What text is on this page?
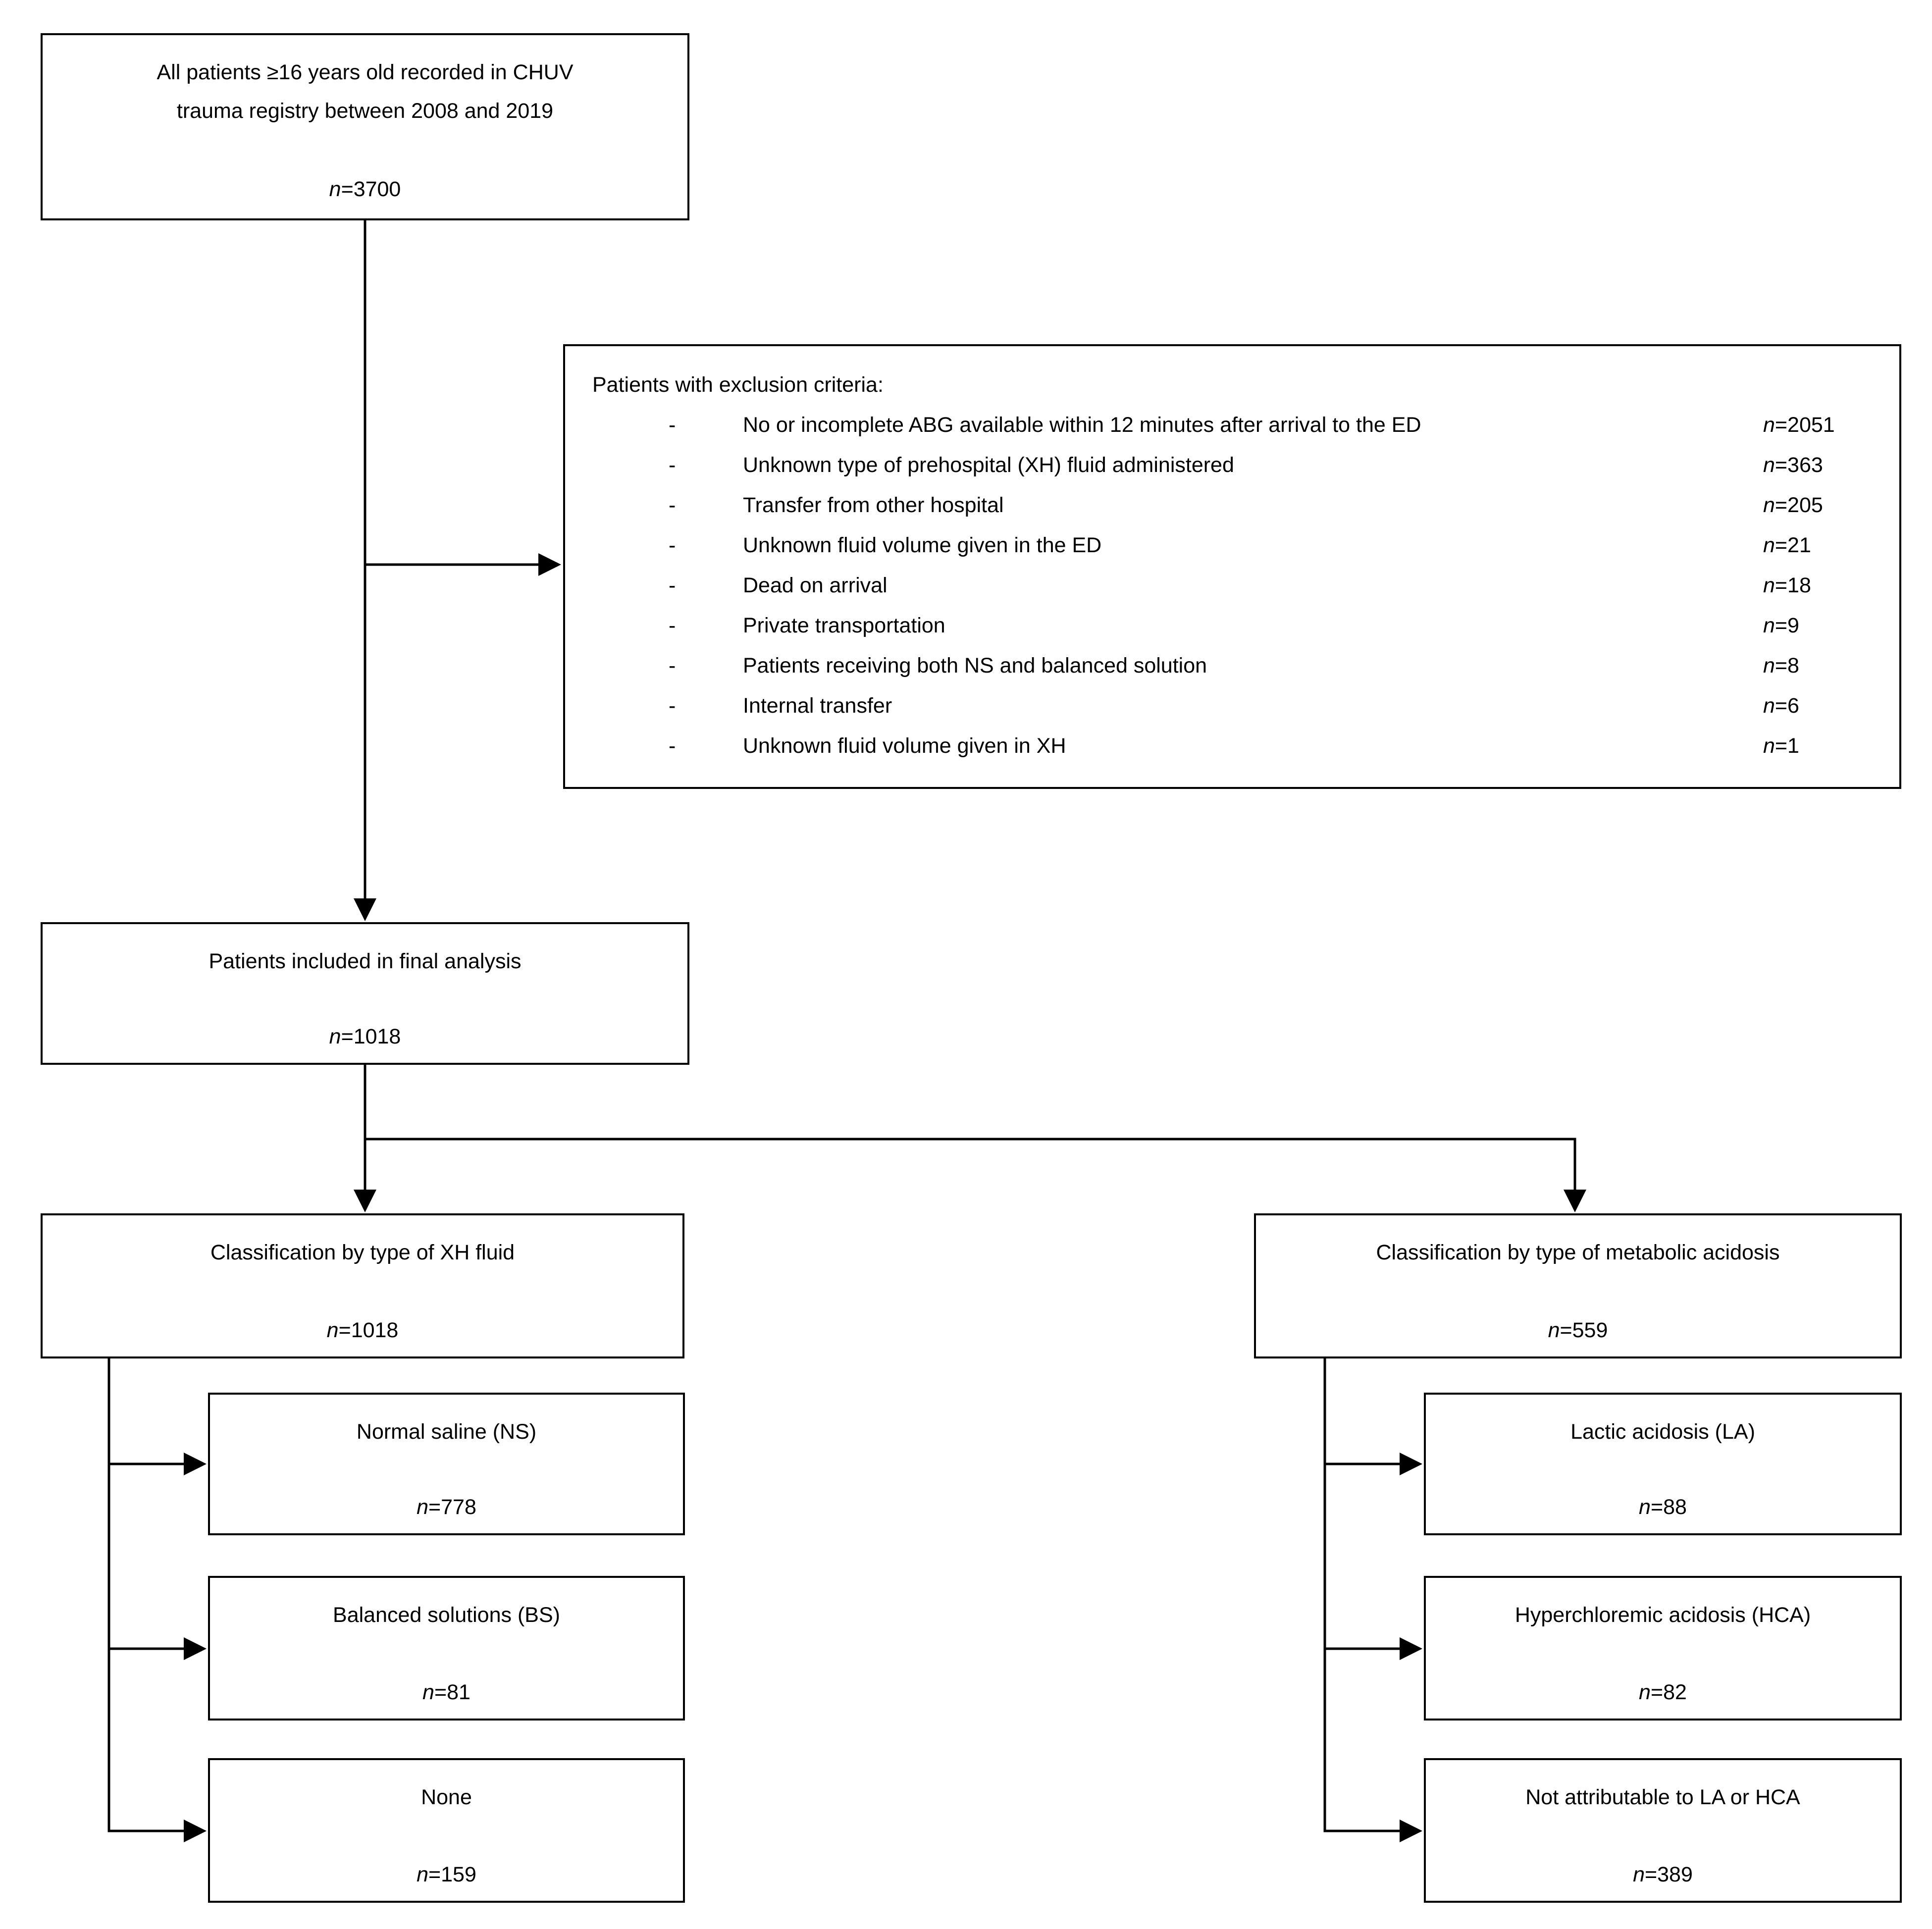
All patients ≥16 years old recorded in CHUV
trauma registry between 2008 and 2019
n=3700
Patients with exclusion criteria:
-	No or incomplete ABG available within 12 minutes after arrival to the ED	n=2051
-	Unknown type of prehospital (XH) fluid administered	n=363
-	Transfer from other hospital	n=205
-	Unknown fluid volume given in the ED	n=21
-	Dead on arrival	n=18
-	Private transportation	n=9
-	Patients receiving both NS and balanced solution	n=8
-	Internal transfer	n=6
-	Unknown fluid volume given in XH	n=1
Patients included in final analysis
n=1018
Classification by type of XH fluid
n=1018
Classification by type of metabolic acidosis
n=559
Normal saline (NS)
n=778
Balanced solutions (BS)
n=81
None
n=159
Lactic acidosis (LA)
n=88
Hyperchloremic acidosis (HCA)
n=82
Not attributable to LA or HCA
n=389
